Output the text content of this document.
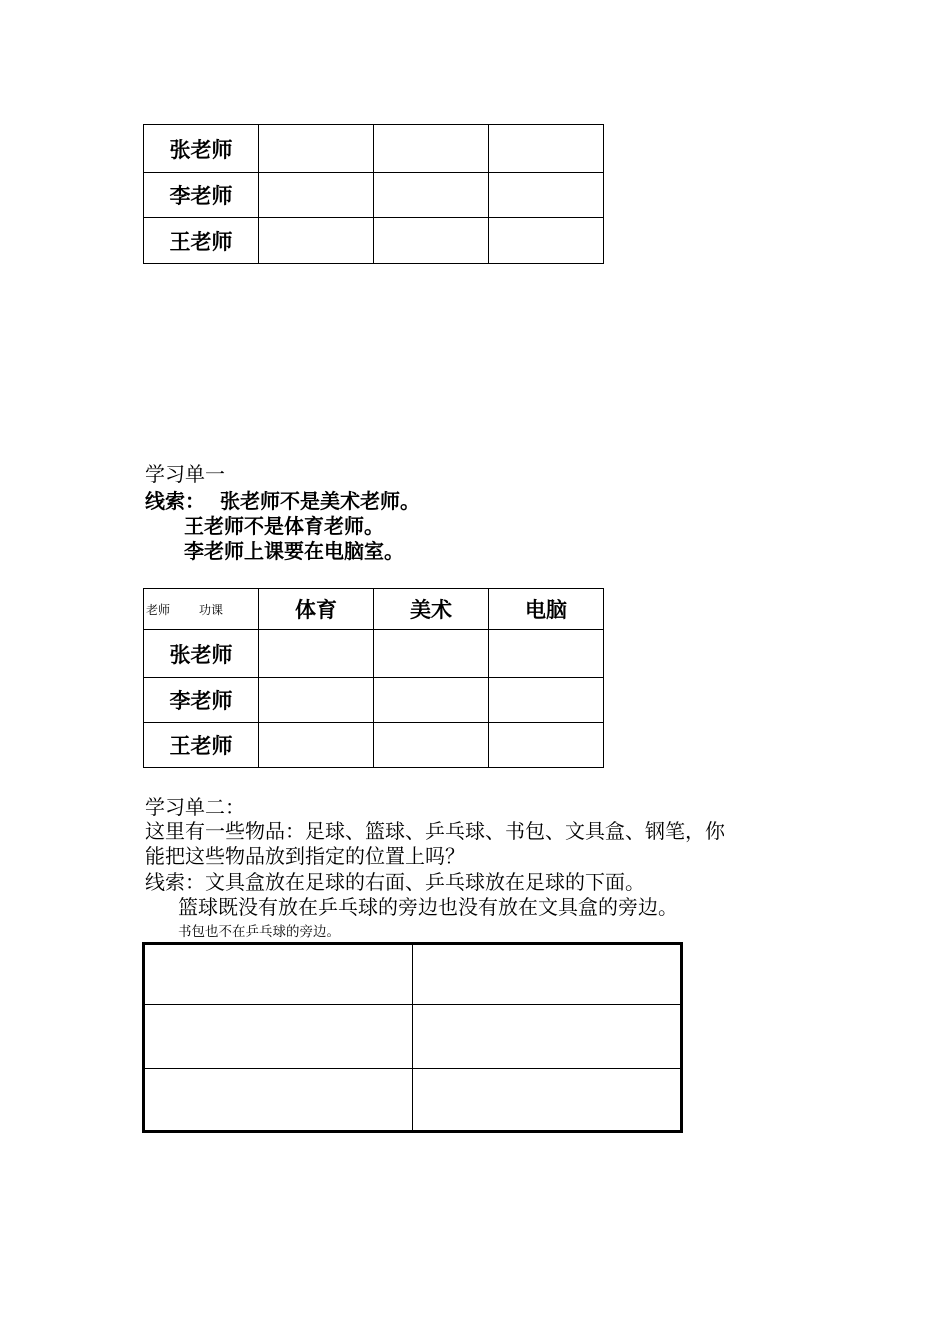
张老师			
李老师			
王老师			
学习单一
线索： 张老师不是美术老师。
王老师不是体育老师。
李老师上课要在电脑室。
老师 功课	体育	美术	电脑
张老师			
李老师			
王老师			
学习单二：
这里有一些物品：足球、篮球、乒乓球、书包、文具盒、钢笔，你
能把这些物品放到指定的位置上吗？
线索：文具盒放在足球的右面、乒乓球放在足球的下面。
篮球既没有放在乒乓球的旁边也没有放在文具盒的旁边。
书包也不在乒乓球的旁边。
